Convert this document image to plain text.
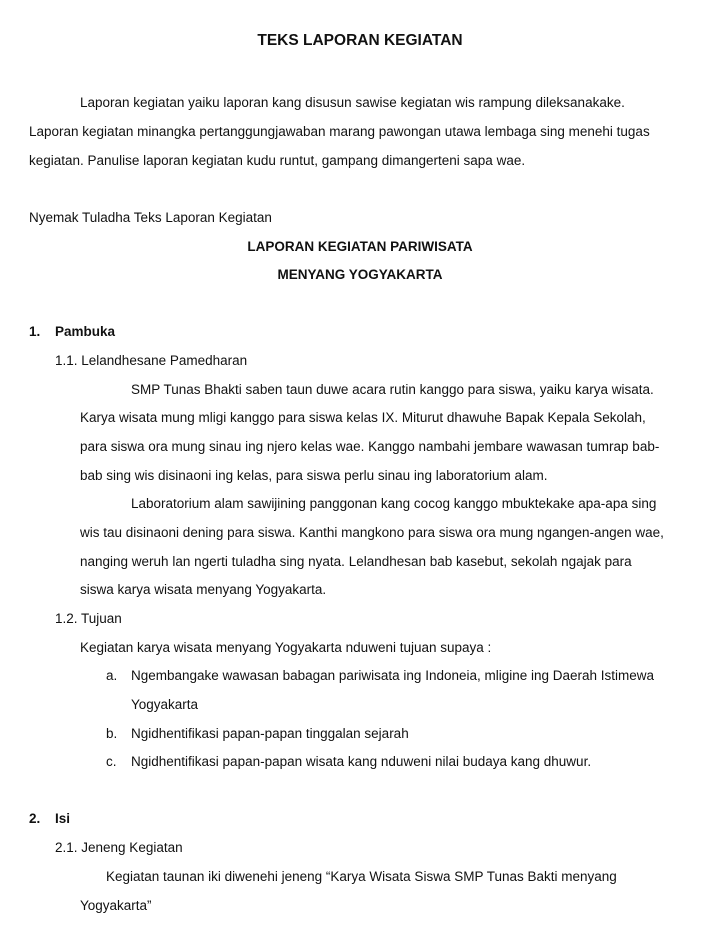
TEKS LAPORAN KEGIATAN
Laporan kegiatan yaiku laporan kang disusun sawise kegiatan wis rampung dileksanakake.
Laporan kegiatan minangka pertanggungjawaban marang pawongan utawa lembaga sing menehi tugas
kegiatan. Panulise laporan kegiatan kudu runtut, gampang dimangerteni sapa wae.
Nyemak Tuladha Teks Laporan Kegiatan
LAPORAN KEGIATAN PARIWISATA
MENYANG YOGYAKARTA
1. Pambuka
1.1. Lelandhesane Pamedharan
SMP Tunas Bhakti saben taun duwe acara rutin kanggo para siswa, yaiku karya wisata.
Karya wisata mung mligi kanggo para siswa kelas IX. Miturut dhawuhe Bapak Kepala Sekolah,
para siswa ora mung sinau ing njero kelas wae. Kanggo nambahi jembare wawasan tumrap bab-
bab sing wis disinaoni ing kelas, para siswa perlu sinau ing laboratorium alam.
Laboratorium alam sawijining panggonan kang cocog kanggo mbuktekake apa-apa sing
wis tau disinaoni dening para siswa. Kanthi mangkono para siswa ora mung ngangen-angen wae,
nanging weruh lan ngerti tuladha sing nyata. Lelandhesan bab kasebut, sekolah ngajak para
siswa karya wisata menyang Yogyakarta.
1.2. Tujuan
Kegiatan karya wisata menyang Yogyakarta nduweni tujuan supaya :
a. Ngembangake wawasan babagan pariwisata ing Indoneia, mligine ing Daerah Istimewa
Yogyakarta
b. Ngidhentifikasi papan-papan tinggalan sejarah
c. Ngidhentifikasi papan-papan wisata kang nduweni nilai budaya kang dhuwur.
2. Isi
2.1. Jeneng Kegiatan
Kegiatan taunan iki diwenehi jeneng “Karya Wisata Siswa SMP Tunas Bakti menyang
Yogyakarta”
